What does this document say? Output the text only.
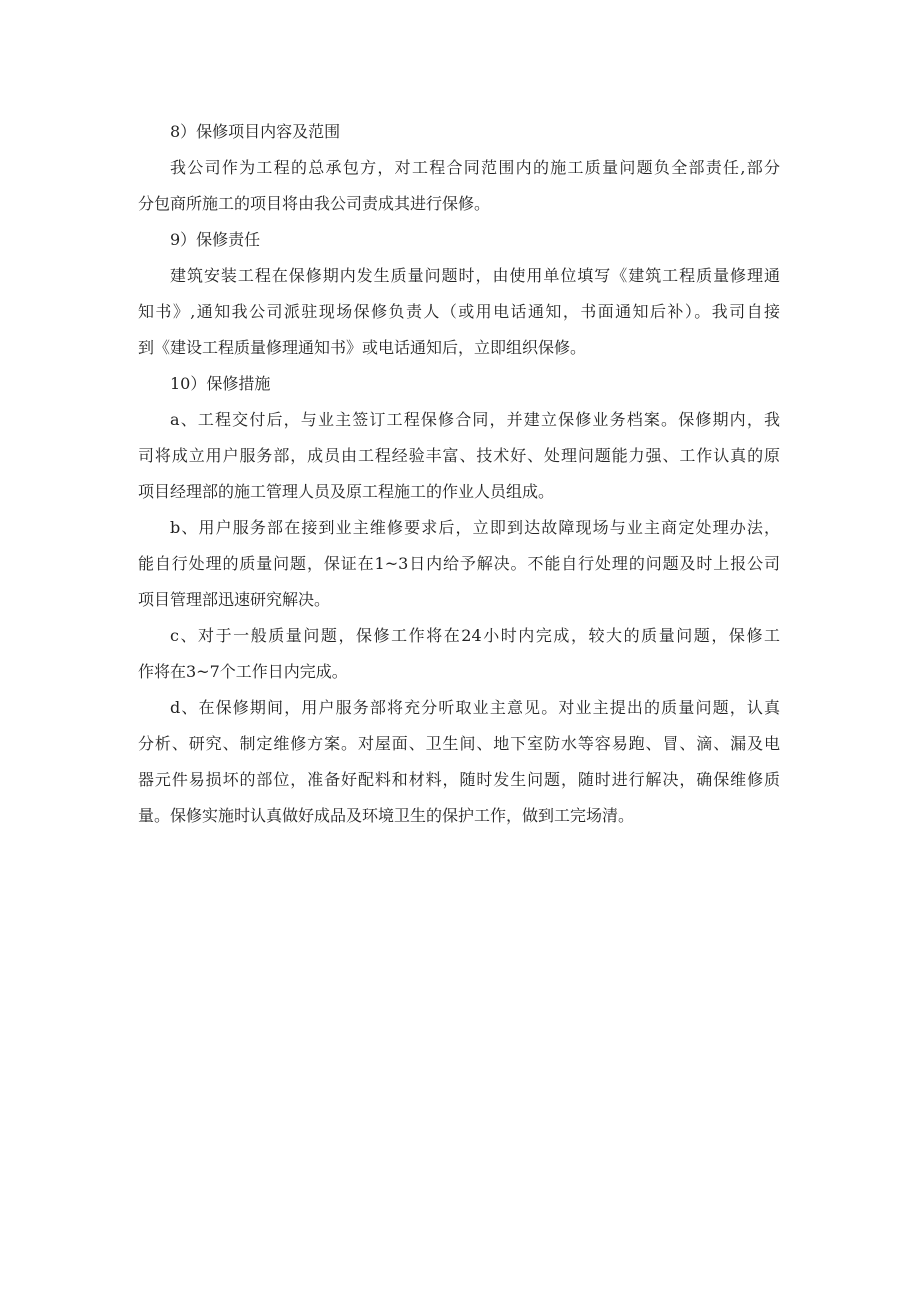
8）保修项目内容及范围
我公司作为工程的总承包方，对工程合同范围内的施工质量问题负全部责任,部分
分包商所施工的项目将由我公司责成其进行保修。
9）保修责任
建筑安装工程在保修期内发生质量问题时，由使用单位填写《建筑工程质量修理通
知书》,通知我公司派驻现场保修负责人（或用电话通知，书面通知后补）。我司自接
到《建设工程质量修理通知书》或电话通知后，立即组织保修。
10）保修措施
a、工程交付后，与业主签订工程保修合同，并建立保修业务档案。保修期内，我
司将成立用户服务部，成员由工程经验丰富、技术好、处理问题能力强、工作认真的原
项目经理部的施工管理人员及原工程施工的作业人员组成。
b、用户服务部在接到业主维修要求后，立即到达故障现场与业主商定处理办法，
能自行处理的质量问题，保证在1~3日内给予解决。不能自行处理的问题及时上报公司
项目管理部迅速研究解决。
c、对于一般质量问题，保修工作将在24小时内完成，较大的质量问题，保修工
作将在3~7个工作日内完成。
d、在保修期间，用户服务部将充分听取业主意见。对业主提出的质量问题，认真
分析、研究、制定维修方案。对屋面、卫生间、地下室防水等容易跑、冒、滴、漏及电
器元件易损坏的部位，准备好配料和材料，随时发生问题，随时进行解决，确保维修质
量。保修实施时认真做好成品及环境卫生的保护工作，做到工完场清。
